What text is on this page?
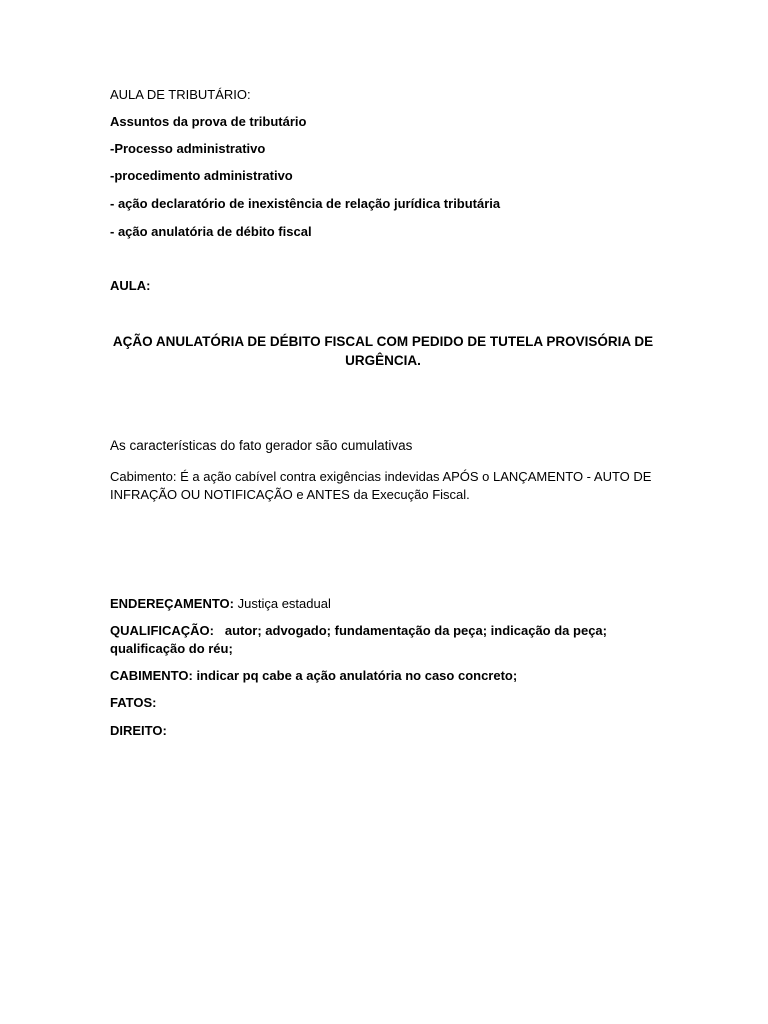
AULA DE TRIBUTÁRIO:
Assuntos da prova de tributário
-Processo administrativo
-procedimento administrativo
- ação declaratório de inexistência de relação jurídica tributária
- ação anulatória de débito fiscal
AULA:
AÇÃO ANULATÓRIA DE DÉBITO FISCAL COM PEDIDO DE TUTELA PROVISÓRIA DE URGÊNCIA.
As características do fato gerador são cumulativas
Cabimento: É a ação cabível contra exigências indevidas APÓS o LANÇAMENTO - AUTO DE INFRAÇÃO OU NOTIFICAÇÃO e ANTES da Execução Fiscal.
ENDEREÇAMENTO: Justiça estadual
QUALIFICAÇÃO: autor; advogado; fundamentação da peça; indicação da peça; qualificação do réu;
CABIMENTO: indicar pq cabe a ação anulatória no caso concreto;
FATOS:
DIREITO:
